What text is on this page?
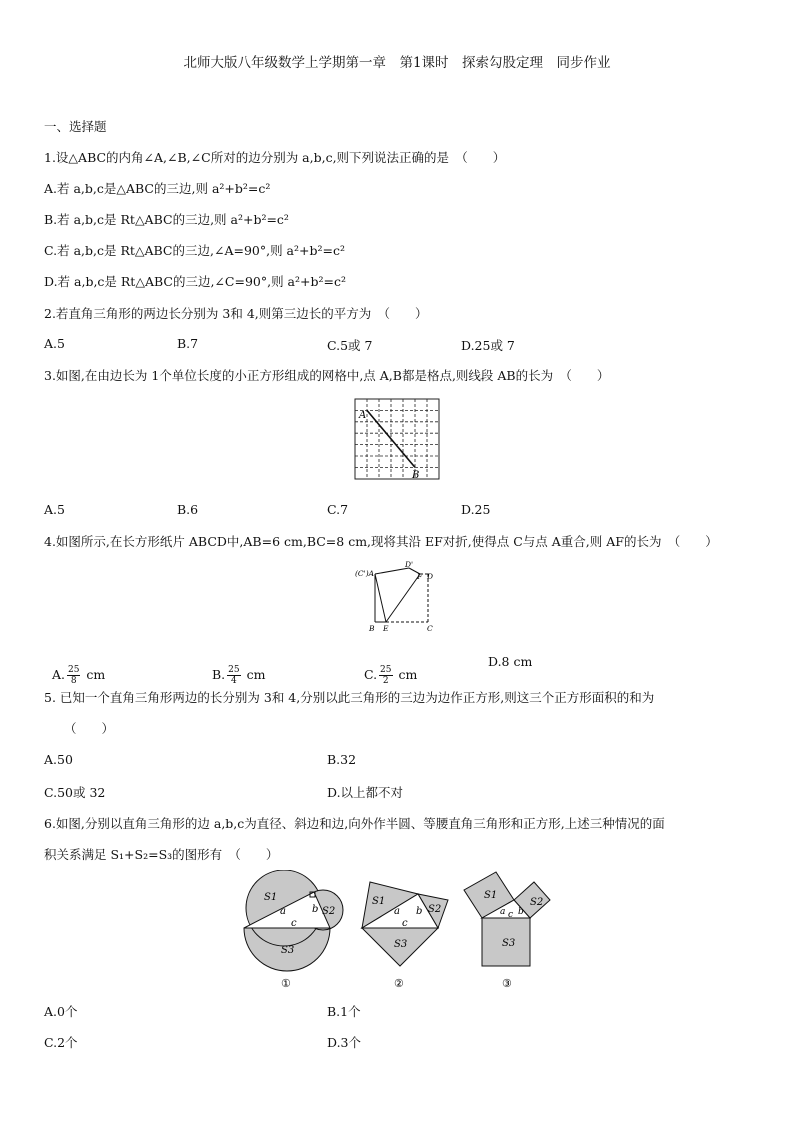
北师大版八年级数学上学期第一章　第1课时　探索勾股定理　同步作业
一、选择题
1.设△ABC的内角∠A,∠B,∠C所对的边分别为 a,b,c,则下列说法正确的是　（　　）
A.若 a,b,c是△ABC的三边,则 a²+b²=c²
B.若 a,b,c是 Rt△ABC的三边,则 a²+b²=c²
C.若 a,b,c是 Rt△ABC的三边,∠A=90°,则 a²+b²=c²
D.若 a,b,c是 Rt△ABC的三边,∠C=90°,则 a²+b²=c²
2.若直角三角形的两边长分别为 3和 4,则第三边长的平方为　（　　）
A.5	B.7	C.5或 7	D.25或 7
3.如图,在由边长为 1个单位长度的小正方形组成的网格中,点 A,B都是格点,则线段 AB的长为　（　　）
A
B
A.5	B.6	C.7	D.25
4.如图所示,在长方形纸片 ABCD中,AB=6 cm,BC=8 cm,现将其沿 EF对折,使得点 C与点 A重合,则 AF的长为　（　　）
(C')A
D'
F D
B E	C

A. $\frac{25}{8}$ cm	B. $\frac{25}{4}$ cm	C. $\frac{25}{2}$ cm

D.8 cm
5. 已知一个直角三角形两边的长分别为 3和 4,分别以此三角形的三边为边作正方形,则这三个正方形面积的和为
（　　）
A.50	B.32
C.50或 32	D.以上都不对
6.如图,分别以直角三角形的边 a,b,c为直径、斜边和边,向外作半圆、等腰直角三角形和正方形,上述三种情况的面
积关系满足 S₁+S₂=S₃的图形有　（　　）
S1
S2
S3
a	b
c
①
S1
S2
S3
a b
c
②
S1
S2
S3
a b
c
③
A.0个	B.1个
C.2个	D.3个
